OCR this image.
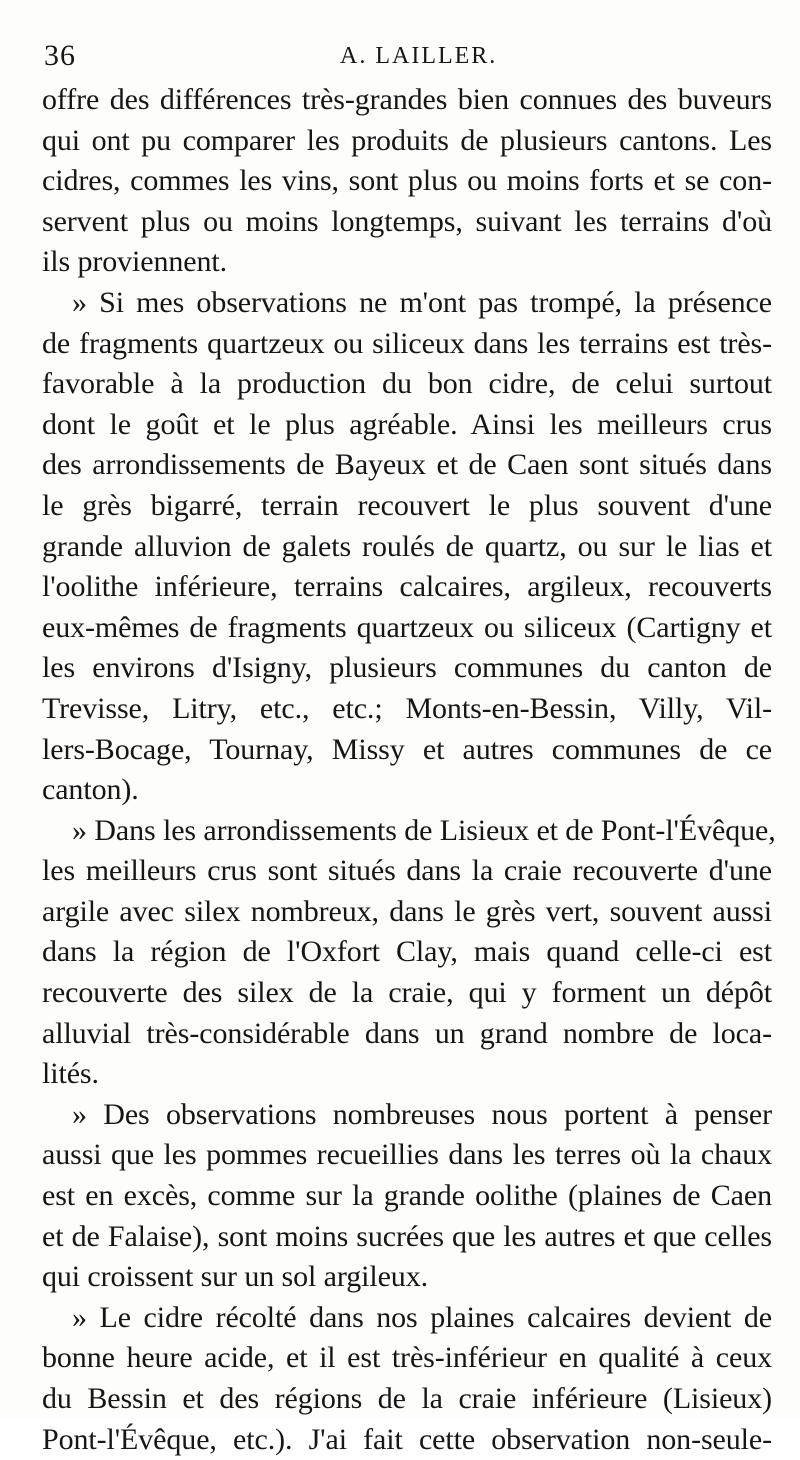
36	A. LAILLER.
offre des différences très-grandes bien connues des buveurs
qui ont pu comparer les produits de plusieurs cantons. Les
cidres, commes les vins, sont plus ou moins forts et se con-
servent plus ou moins longtemps, suivant les terrains d'où
ils proviennent.
» Si mes observations ne m'ont pas trompé, la présence
de fragments quartzeux ou siliceux dans les terrains est très-
favorable à la production du bon cidre, de celui surtout
dont le goût et le plus agréable. Ainsi les meilleurs crus
des arrondissements de Bayeux et de Caen sont situés dans
le grès bigarré, terrain recouvert le plus souvent d'une
grande alluvion de galets roulés de quartz, ou sur le lias et
l'oolithe inférieure, terrains calcaires, argileux, recouverts
eux-mêmes de fragments quartzeux ou siliceux (Cartigny et
les environs d'Isigny, plusieurs communes du canton de
Trevisse, Litry, etc., etc.; Monts-en-Bessin, Villy, Vil-
lers-Bocage, Tournay, Missy et autres communes de ce
canton).
» Dans les arrondissements de Lisieux et de Pont-l'Évêque,
les meilleurs crus sont situés dans la craie recouverte d'une
argile avec silex nombreux, dans le grès vert, souvent aussi
dans la région de l'Oxfort Clay, mais quand celle-ci est
recouverte des silex de la craie, qui y forment un dépôt
alluvial très-considérable dans un grand nombre de loca-
lités.
» Des observations nombreuses nous portent à penser
aussi que les pommes recueillies dans les terres où la chaux
est en excès, comme sur la grande oolithe (plaines de Caen
et de Falaise), sont moins sucrées que les autres et que celles
qui croissent sur un sol argileux.
» Le cidre récolté dans nos plaines calcaires devient de
bonne heure acide, et il est très-inférieur en qualité à ceux
du Bessin et des régions de la craie inférieure (Lisieux)
Pont-l'Évêque, etc.). J'ai fait cette observation non-seule-
